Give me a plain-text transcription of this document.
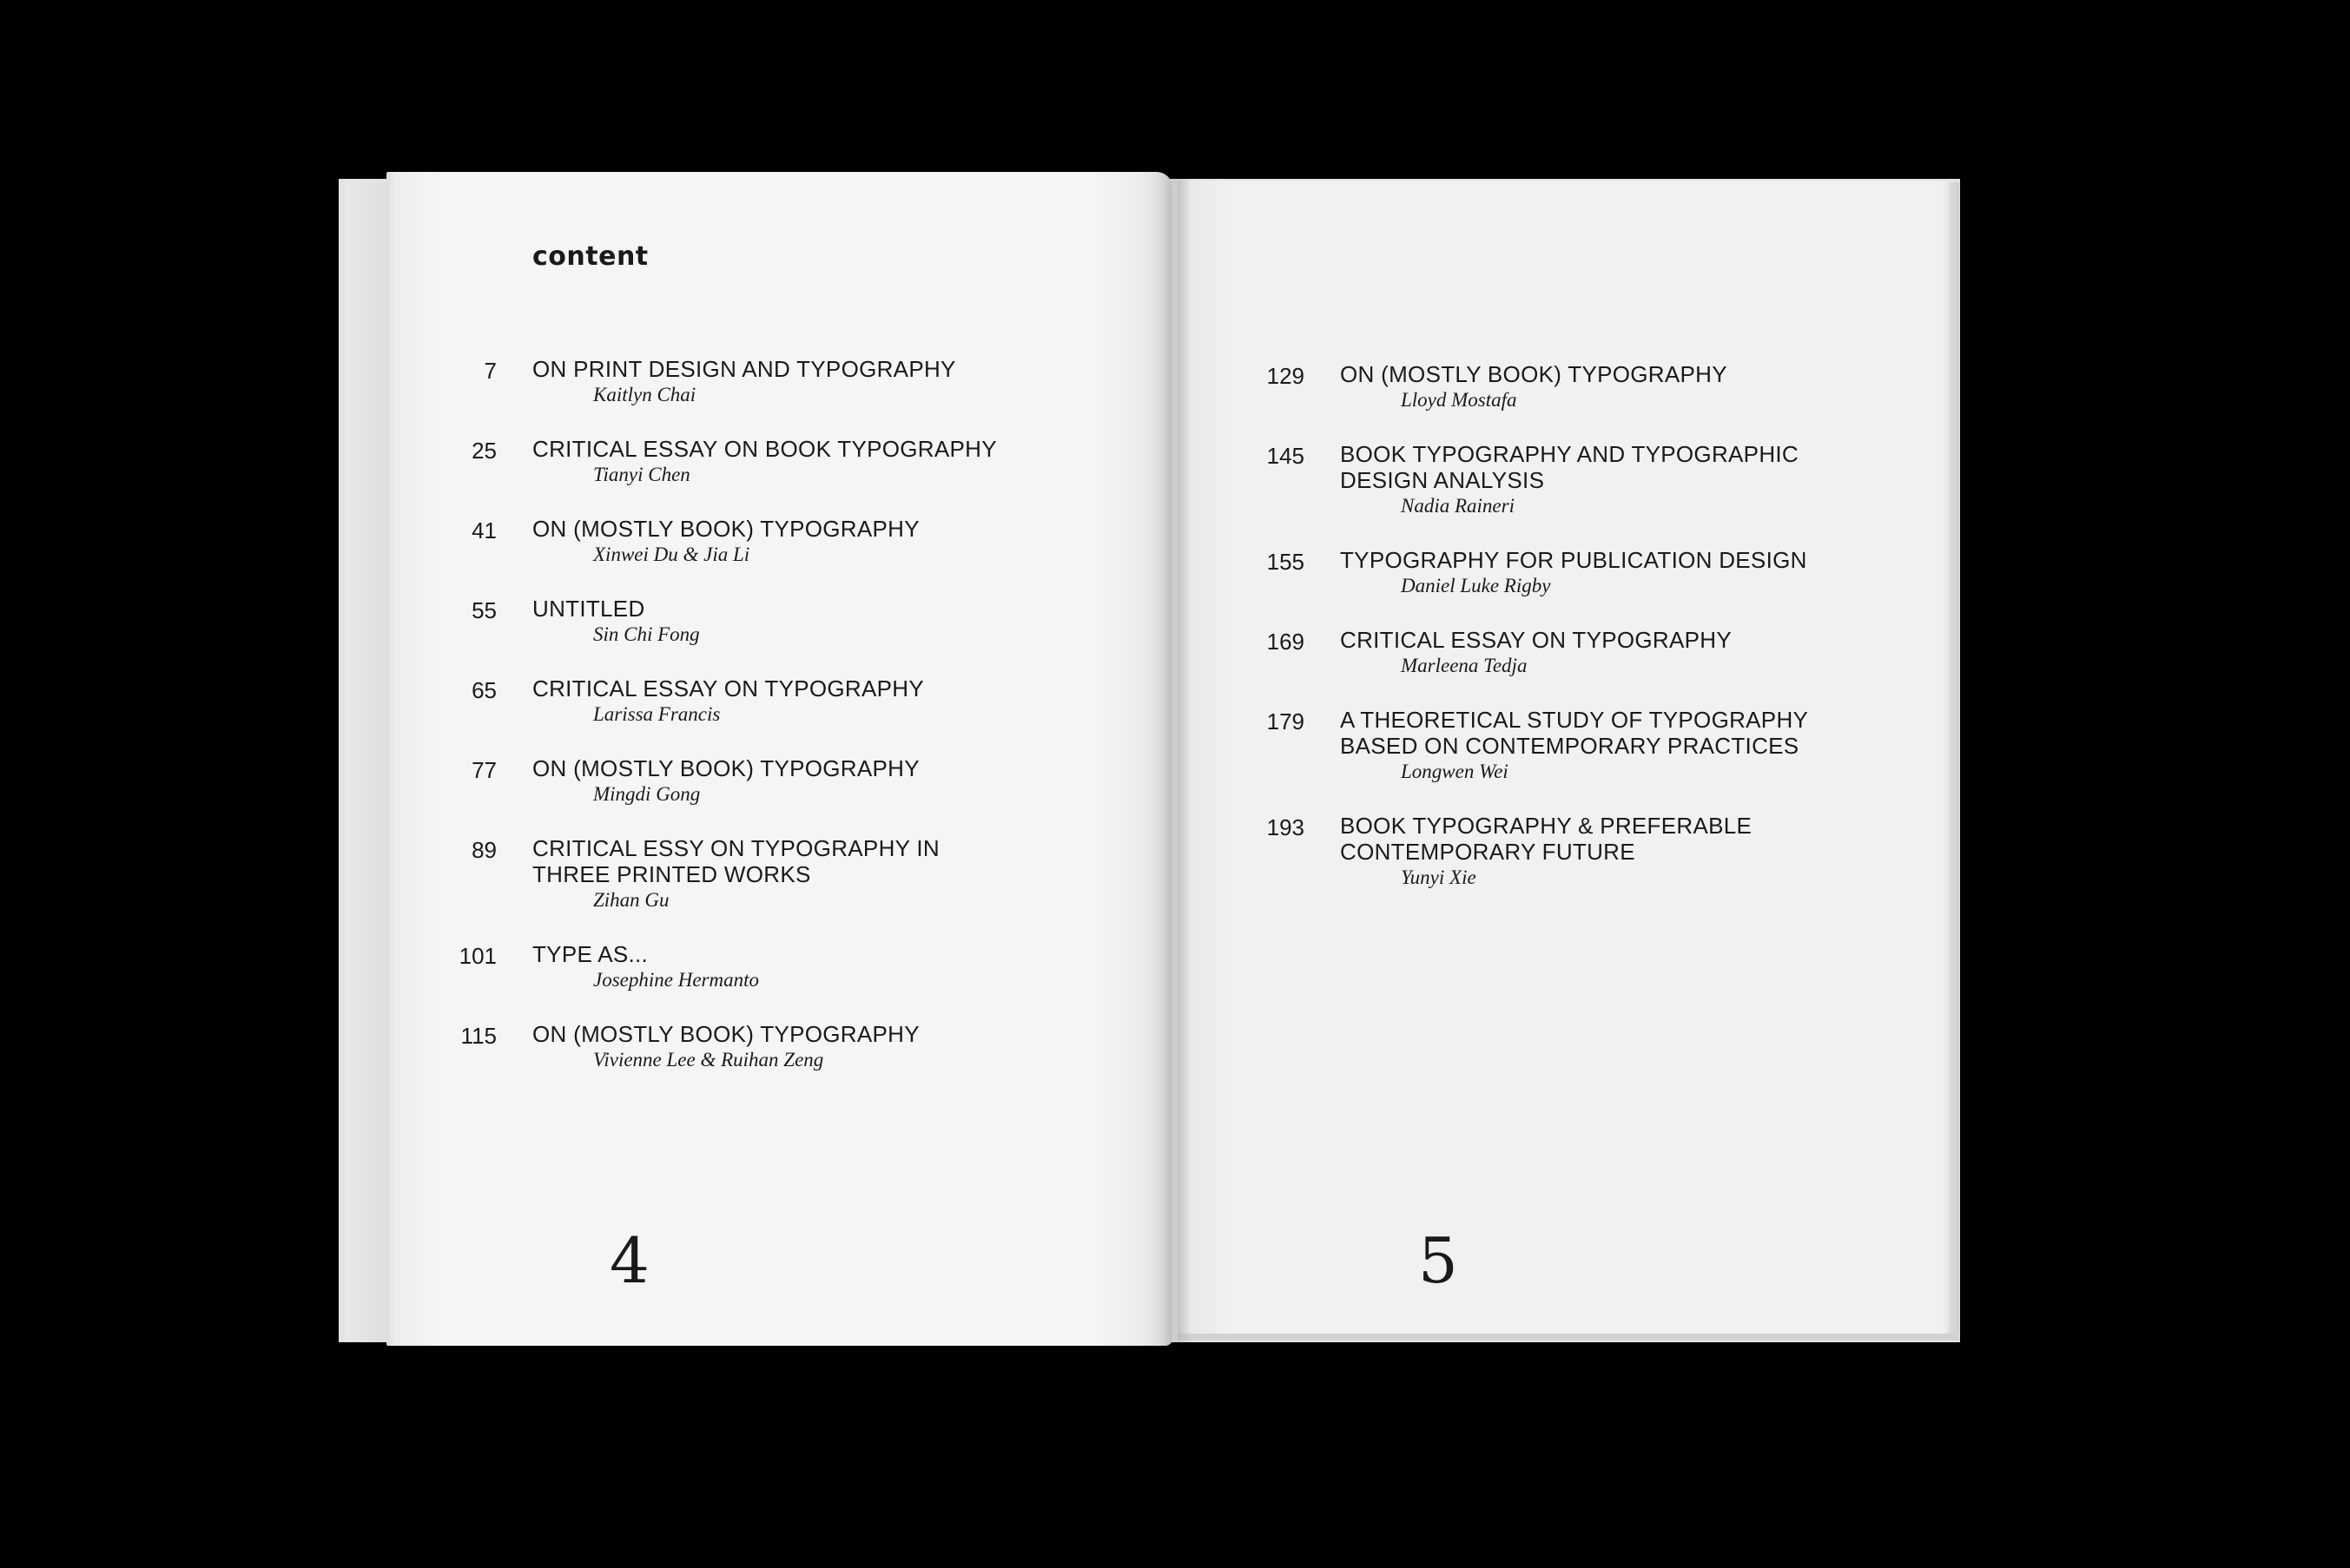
content
7 ON PRINT DESIGN AND TYPOGRAPHY
Kaitlyn Chai
25 CRITICAL ESSAY ON BOOK TYPOGRAPHY
Tianyi Chen
41 ON (MOSTLY BOOK) TYPOGRAPHY
Xinwei Du & Jia Li
55 UNTITLED
Sin Chi Fong
65 CRITICAL ESSAY ON TYPOGRAPHY
Larissa Francis
77 ON (MOSTLY BOOK) TYPOGRAPHY
Mingdi Gong
89 CRITICAL ESSY ON TYPOGRAPHY IN
THREE PRINTED WORKS
Zihan Gu
101 TYPE AS...
Josephine Hermanto
115 ON (MOSTLY BOOK) TYPOGRAPHY
Vivienne Lee & Ruihan Zeng
129 ON (MOSTLY BOOK) TYPOGRAPHY
Lloyd Mostafa
145 BOOK TYPOGRAPHY AND TYPOGRAPHIC
DESIGN ANALYSIS
Nadia Raineri
155 TYPOGRAPHY FOR PUBLICATION DESIGN
Daniel Luke Rigby
169 CRITICAL ESSAY ON TYPOGRAPHY
Marleena Tedja
179 A THEORETICAL STUDY OF TYPOGRAPHY
BASED ON CONTEMPORARY PRACTICES
Longwen Wei
193 BOOK TYPOGRAPHY & PREFERABLE
CONTEMPORARY FUTURE
Yunyi Xie
4	5
